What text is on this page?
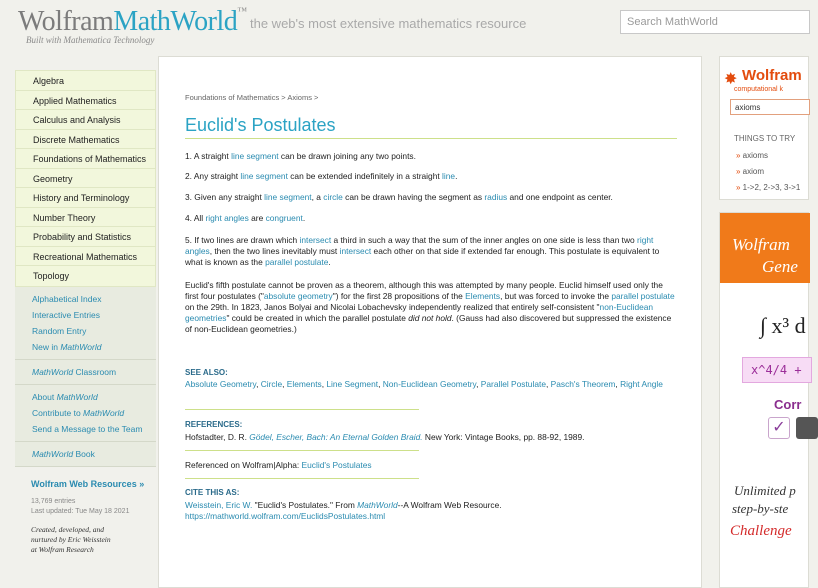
WolframMathWorld™
Built with Mathematica Technology
the web's most extensive mathematics resource	Search MathWorld
Algebra
Applied Mathematics
Calculus and Analysis
Discrete Mathematics
Foundations of Mathematics
Geometry
History and Terminology
Number Theory
Probability and Statistics
Recreational Mathematics
Topology
Alphabetical Index
Interactive Entries
Random Entry
New in MathWorld
MathWorld Classroom
About MathWorld
Contribute to MathWorld
Send a Message to the Team
MathWorld Book
Wolfram Web Resources »
13,769 entries
Last updated: Tue May 18 2021
Created, developed, and
nurtured by Eric Weisstein
at Wolfram Research
Foundations of Mathematics > Axioms >
Euclid's Postulates
1. A straight line segment can be drawn joining any two points.
2. Any straight line segment can be extended indefinitely in a straight line.
3. Given any straight line segment, a circle can be drawn having the segment as radius and one endpoint as center.
4. All right angles are congruent.
5. If two lines are drawn which intersect a third in such a way that the sum of the inner angles on one side is less than two right angles, then the two lines inevitably must intersect each other on that side if extended far enough. This postulate is equivalent to what is known as the parallel postulate.
Euclid's fifth postulate cannot be proven as a theorem, although this was attempted by many people. Euclid himself used only the first four postulates ("absolute geometry") for the first 28 propositions of the Elements, but was forced to invoke the parallel postulate on the 29th. In 1823, Janos Bolyai and Nicolai Lobachevsky independently realized that entirely self-consistent "non-Euclidean geometries" could be created in which the parallel postulate did not hold. (Gauss had also discovered but suppressed the existence of non-Euclidean geometries.)
SEE ALSO:
Absolute Geometry, Circle, Elements, Line Segment, Non-Euclidean Geometry, Parallel Postulate, Pasch's Theorem, Right Angle
REFERENCES:
Hofstadter, D. R. Gödel, Escher, Bach: An Eternal Golden Braid. New York: Vintage Books, pp. 88-92, 1989.
Referenced on Wolfram|Alpha: Euclid's Postulates
CITE THIS AS:
Weisstein, Eric W. "Euclid's Postulates." From MathWorld--A Wolfram Web Resource.
https://mathworld.wolfram.com/EuclidsPostulates.html
✸ Wolfram
computational k
axioms
THINGS TO TRY
» axioms
» axiom
» 1->2, 2->3, 3->1
Wolfram
Gene
∫ x³ d
x^4/4 +
Corr
✓
Unlimited p
step-by-ste
Challenge
